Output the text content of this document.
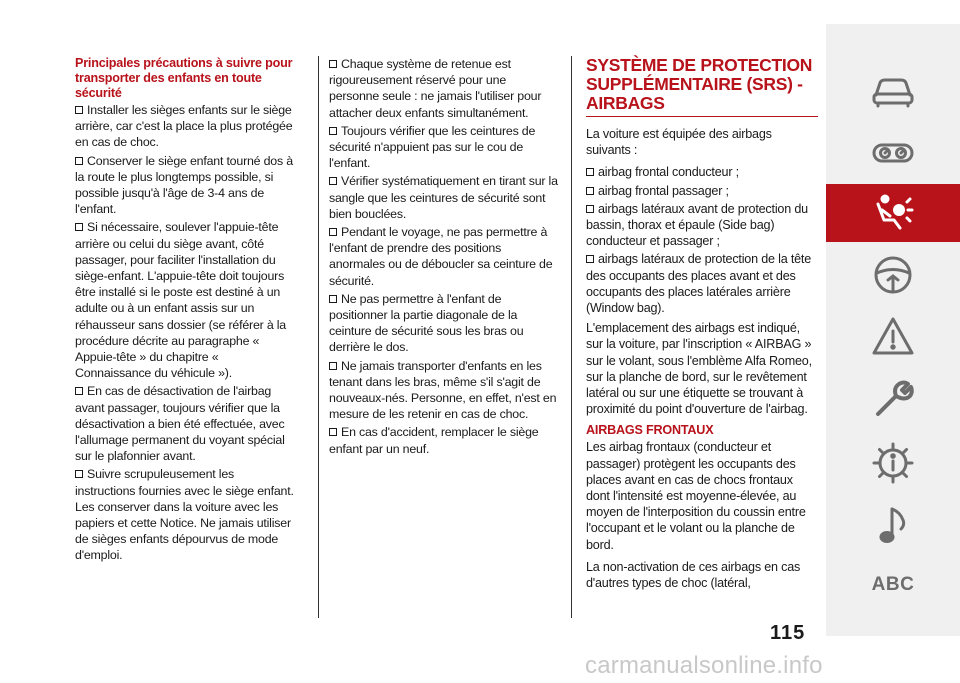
Principales précautions à suivre pour transporter des enfants en toute sécurité
Installer les sièges enfants sur le siège arrière, car c'est la place la plus protégée en cas de choc.
Conserver le siège enfant tourné dos à la route le plus longtemps possible, si possible jusqu'à l'âge de 3-4 ans de l'enfant.
Si nécessaire, soulever l'appuie-tête arrière ou celui du siège avant, côté passager, pour faciliter l'installation du siège-enfant. L'appuie-tête doit toujours être installé si le poste est destiné à un adulte ou à un enfant assis sur un réhausseur sans dossier (se référer à la procédure décrite au paragraphe « Appuie-tête » du chapitre « Connaissance du véhicule »).
En cas de désactivation de l'airbag avant passager, toujours vérifier que la désactivation a bien été effectuée, avec l'allumage permanent du voyant spécial sur le plafonnier avant.
Suivre scrupuleusement les instructions fournies avec le siège enfant. Les conserver dans la voiture avec les papiers et cette Notice. Ne jamais utiliser de sièges enfants dépourvus de mode d'emploi.
Chaque système de retenue est rigoureusement réservé pour une personne seule : ne jamais l'utiliser pour attacher deux enfants simultanément.
Toujours vérifier que les ceintures de sécurité n'appuient pas sur le cou de l'enfant.
Vérifier systématiquement en tirant sur la sangle que les ceintures de sécurité sont bien bouclées.
Pendant le voyage, ne pas permettre à l'enfant de prendre des positions anormales ou de déboucler sa ceinture de sécurité.
Ne pas permettre à l'enfant de positionner la partie diagonale de la ceinture de sécurité sous les bras ou derrière le dos.
Ne jamais transporter d'enfants en les tenant dans les bras, même s'il s'agit de nouveaux-nés. Personne, en effet, n'est en mesure de les retenir en cas de choc.
En cas d'accident, remplacer le siège enfant par un neuf.
SYSTÈME DE PROTECTION SUPPLÉMENTAIRE (SRS) - AIRBAGS
La voiture est équipée des airbags suivants :
airbag frontal conducteur ;
airbag frontal passager ;
airbags latéraux avant de protection du bassin, thorax et épaule (Side bag) conducteur et passager ;
airbags latéraux de protection de la tête des occupants des places avant et des occupants des places latérales arrière (Window bag).
L'emplacement des airbags est indiqué, sur la voiture, par l'inscription « AIRBAG » sur le volant, sous l'emblème Alfa Romeo, sur la planche de bord, sur le revêtement latéral ou sur une étiquette se trouvant à proximité du point d'ouverture de l'airbag.
AIRBAGS FRONTAUX
Les airbag frontaux (conducteur et passager) protègent les occupants des places avant en cas de chocs frontaux dont l'intensité est moyenne-élevée, au moyen de l'interposition du coussin entre l'occupant et le volant ou la planche de bord.
La non-activation de ces airbags en cas d'autres types de choc (latéral,
115
ABC
carmanualsonline.info
